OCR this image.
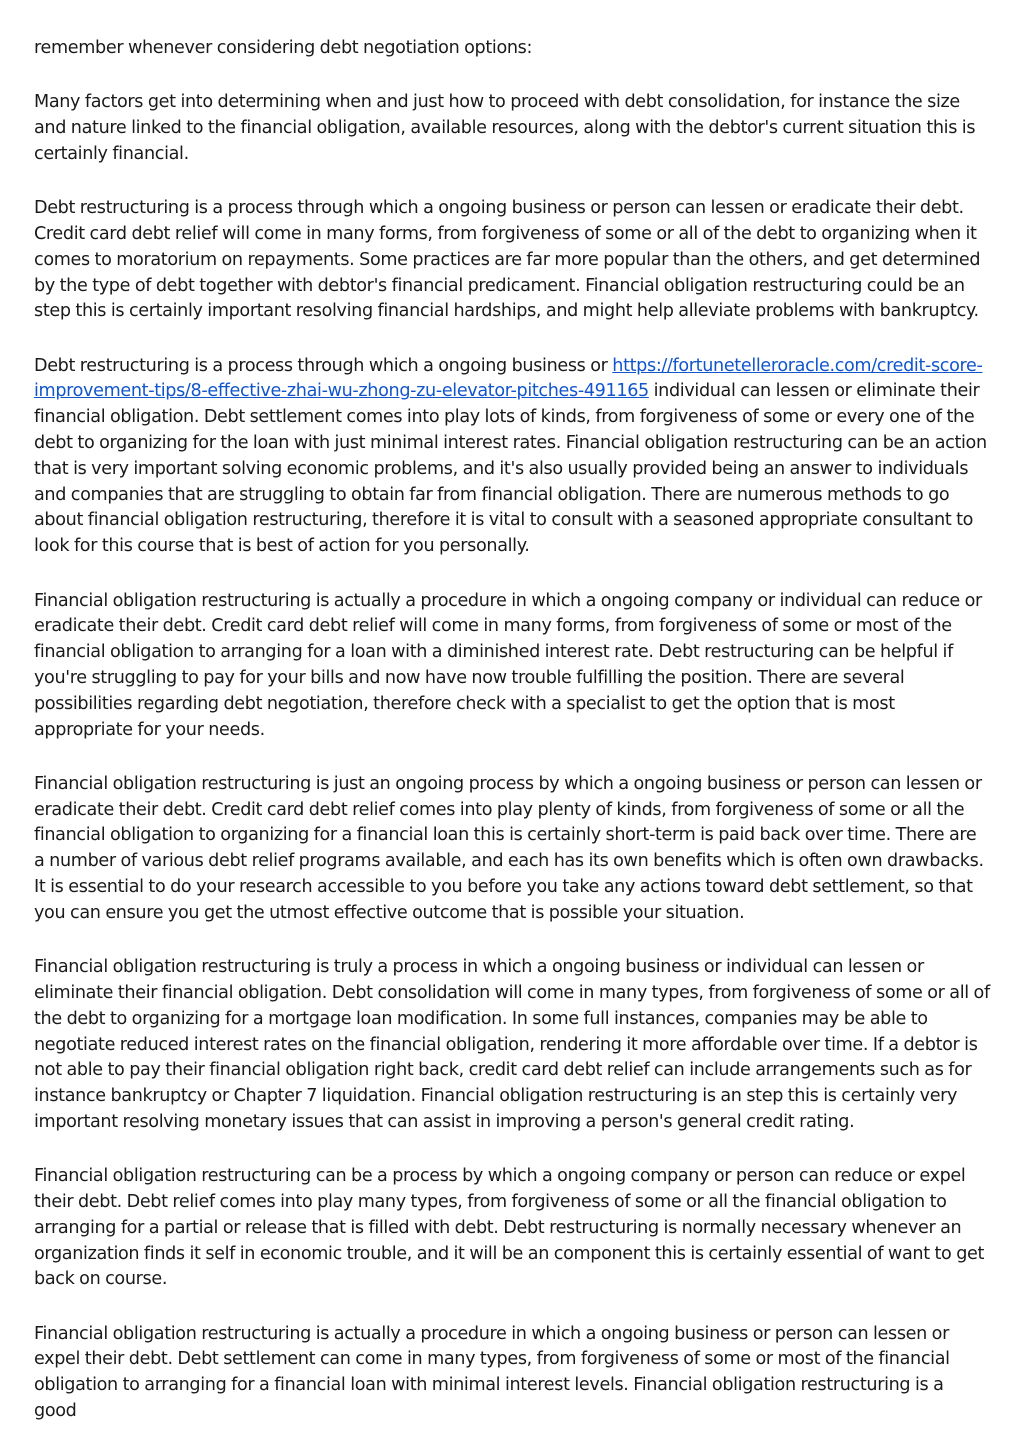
remember whenever considering debt negotiation options:

Many factors get into determining when and just how to proceed with debt consolidation, for instance the size and nature linked to the financial obligation, available resources, along with the debtor's current situation this is certainly financial.

Debt restructuring is a process through which a ongoing business or person can lessen or eradicate their debt. Credit card debt relief will come in many forms, from forgiveness of some or all of the debt to organizing when it comes to moratorium on repayments. Some practices are far more popular than the others, and get determined by the type of debt together with debtor's financial predicament. Financial obligation restructuring could be an step this is certainly important resolving financial hardships, and might help alleviate problems with bankruptcy.

Debt restructuring is a process through which a ongoing business or https://fortunetelleroracle.com/credit-score-improvement-tips/8-effective-zhai-wu-zhong-zu-elevator-pitches-491165 individual can lessen or eliminate their financial obligation. Debt settlement comes into play lots of kinds, from forgiveness of some or every one of the debt to organizing for the loan with just minimal interest rates. Financial obligation restructuring can be an action that is very important solving economic problems, and it's also usually provided being an answer to individuals and companies that are struggling to obtain far from financial obligation. There are numerous methods to go about financial obligation restructuring, therefore it is vital to consult with a seasoned appropriate consultant to look for this course that is best of action for you personally.

Financial obligation restructuring is actually a procedure in which a ongoing company or individual can reduce or eradicate their debt. Credit card debt relief will come in many forms, from forgiveness of some or most of the financial obligation to arranging for a loan with a diminished interest rate. Debt restructuring can be helpful if you're struggling to pay for your bills and now have now trouble fulfilling the position. There are several possibilities regarding debt negotiation, therefore check with a specialist to get the option that is most appropriate for your needs.

Financial obligation restructuring is just an ongoing process by which a ongoing business or person can lessen or eradicate their debt. Credit card debt relief comes into play plenty of kinds, from forgiveness of some or all the financial obligation to organizing for a financial loan this is certainly short-term is paid back over time. There are a number of various debt relief programs available, and each has its own benefits which is often own drawbacks. It is essential to do your research accessible to you before you take any actions toward debt settlement, so that you can ensure you get the utmost effective outcome that is possible your situation.

Financial obligation restructuring is truly a process in which a ongoing business or individual can lessen or eliminate their financial obligation. Debt consolidation will come in many types, from forgiveness of some or all of the debt to organizing for a mortgage loan modification. In some full instances, companies may be able to negotiate reduced interest rates on the financial obligation, rendering it more affordable over time. If a debtor is not able to pay their financial obligation right back, credit card debt relief can include arrangements such as for instance bankruptcy or Chapter 7 liquidation. Financial obligation restructuring is an step this is certainly very important resolving monetary issues that can assist in improving a person's general credit rating.

Financial obligation restructuring can be a process by which a ongoing company or person can reduce or expel their debt. Debt relief comes into play many types, from forgiveness of some or all the financial obligation to arranging for a partial or release that is filled with debt. Debt restructuring is normally necessary whenever an organization finds it self in economic trouble, and it will be an component this is certainly essential of want to get back on course.

Financial obligation restructuring is actually a procedure in which a ongoing business or person can lessen or expel their debt. Debt settlement can come in many types, from forgiveness of some or most of the financial obligation to arranging for a financial loan with minimal interest levels. Financial obligation restructuring is a good
